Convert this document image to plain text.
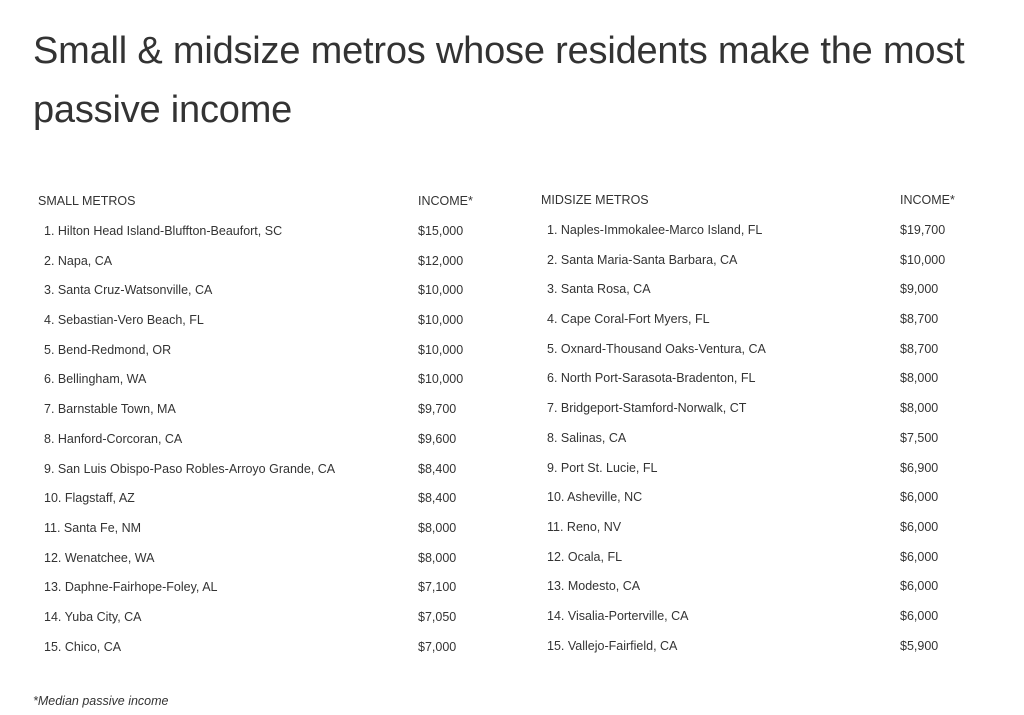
Small & midsize metros whose residents make the most passive income
SMALL METROS	INCOME*
1. Hilton Head Island-Bluffton-Beaufort, SC	$15,000
2. Napa, CA	$12,000
3. Santa Cruz-Watsonville, CA	$10,000
4. Sebastian-Vero Beach, FL	$10,000
5. Bend-Redmond, OR	$10,000
6. Bellingham, WA	$10,000
7. Barnstable Town, MA	$9,700
8. Hanford-Corcoran, CA	$9,600
9. San Luis Obispo-Paso Robles-Arroyo Grande, CA	$8,400
10. Flagstaff, AZ	$8,400
11. Santa Fe, NM	$8,000
12. Wenatchee, WA	$8,000
13. Daphne-Fairhope-Foley, AL	$7,100
14. Yuba City, CA	$7,050
15. Chico, CA	$7,000
MIDSIZE METROS	INCOME*
1. Naples-Immokalee-Marco Island, FL	$19,700
2. Santa Maria-Santa Barbara, CA	$10,000
3. Santa Rosa, CA	$9,000
4. Cape Coral-Fort Myers, FL	$8,700
5. Oxnard-Thousand Oaks-Ventura, CA	$8,700
6. North Port-Sarasota-Bradenton, FL	$8,000
7. Bridgeport-Stamford-Norwalk, CT	$8,000
8. Salinas, CA	$7,500
9. Port St. Lucie, FL	$6,900
10. Asheville, NC	$6,000
11. Reno, NV	$6,000
12. Ocala, FL	$6,000
13. Modesto, CA	$6,000
14. Visalia-Porterville, CA	$6,000
15. Vallejo-Fairfield, CA	$5,900
*Median passive income
